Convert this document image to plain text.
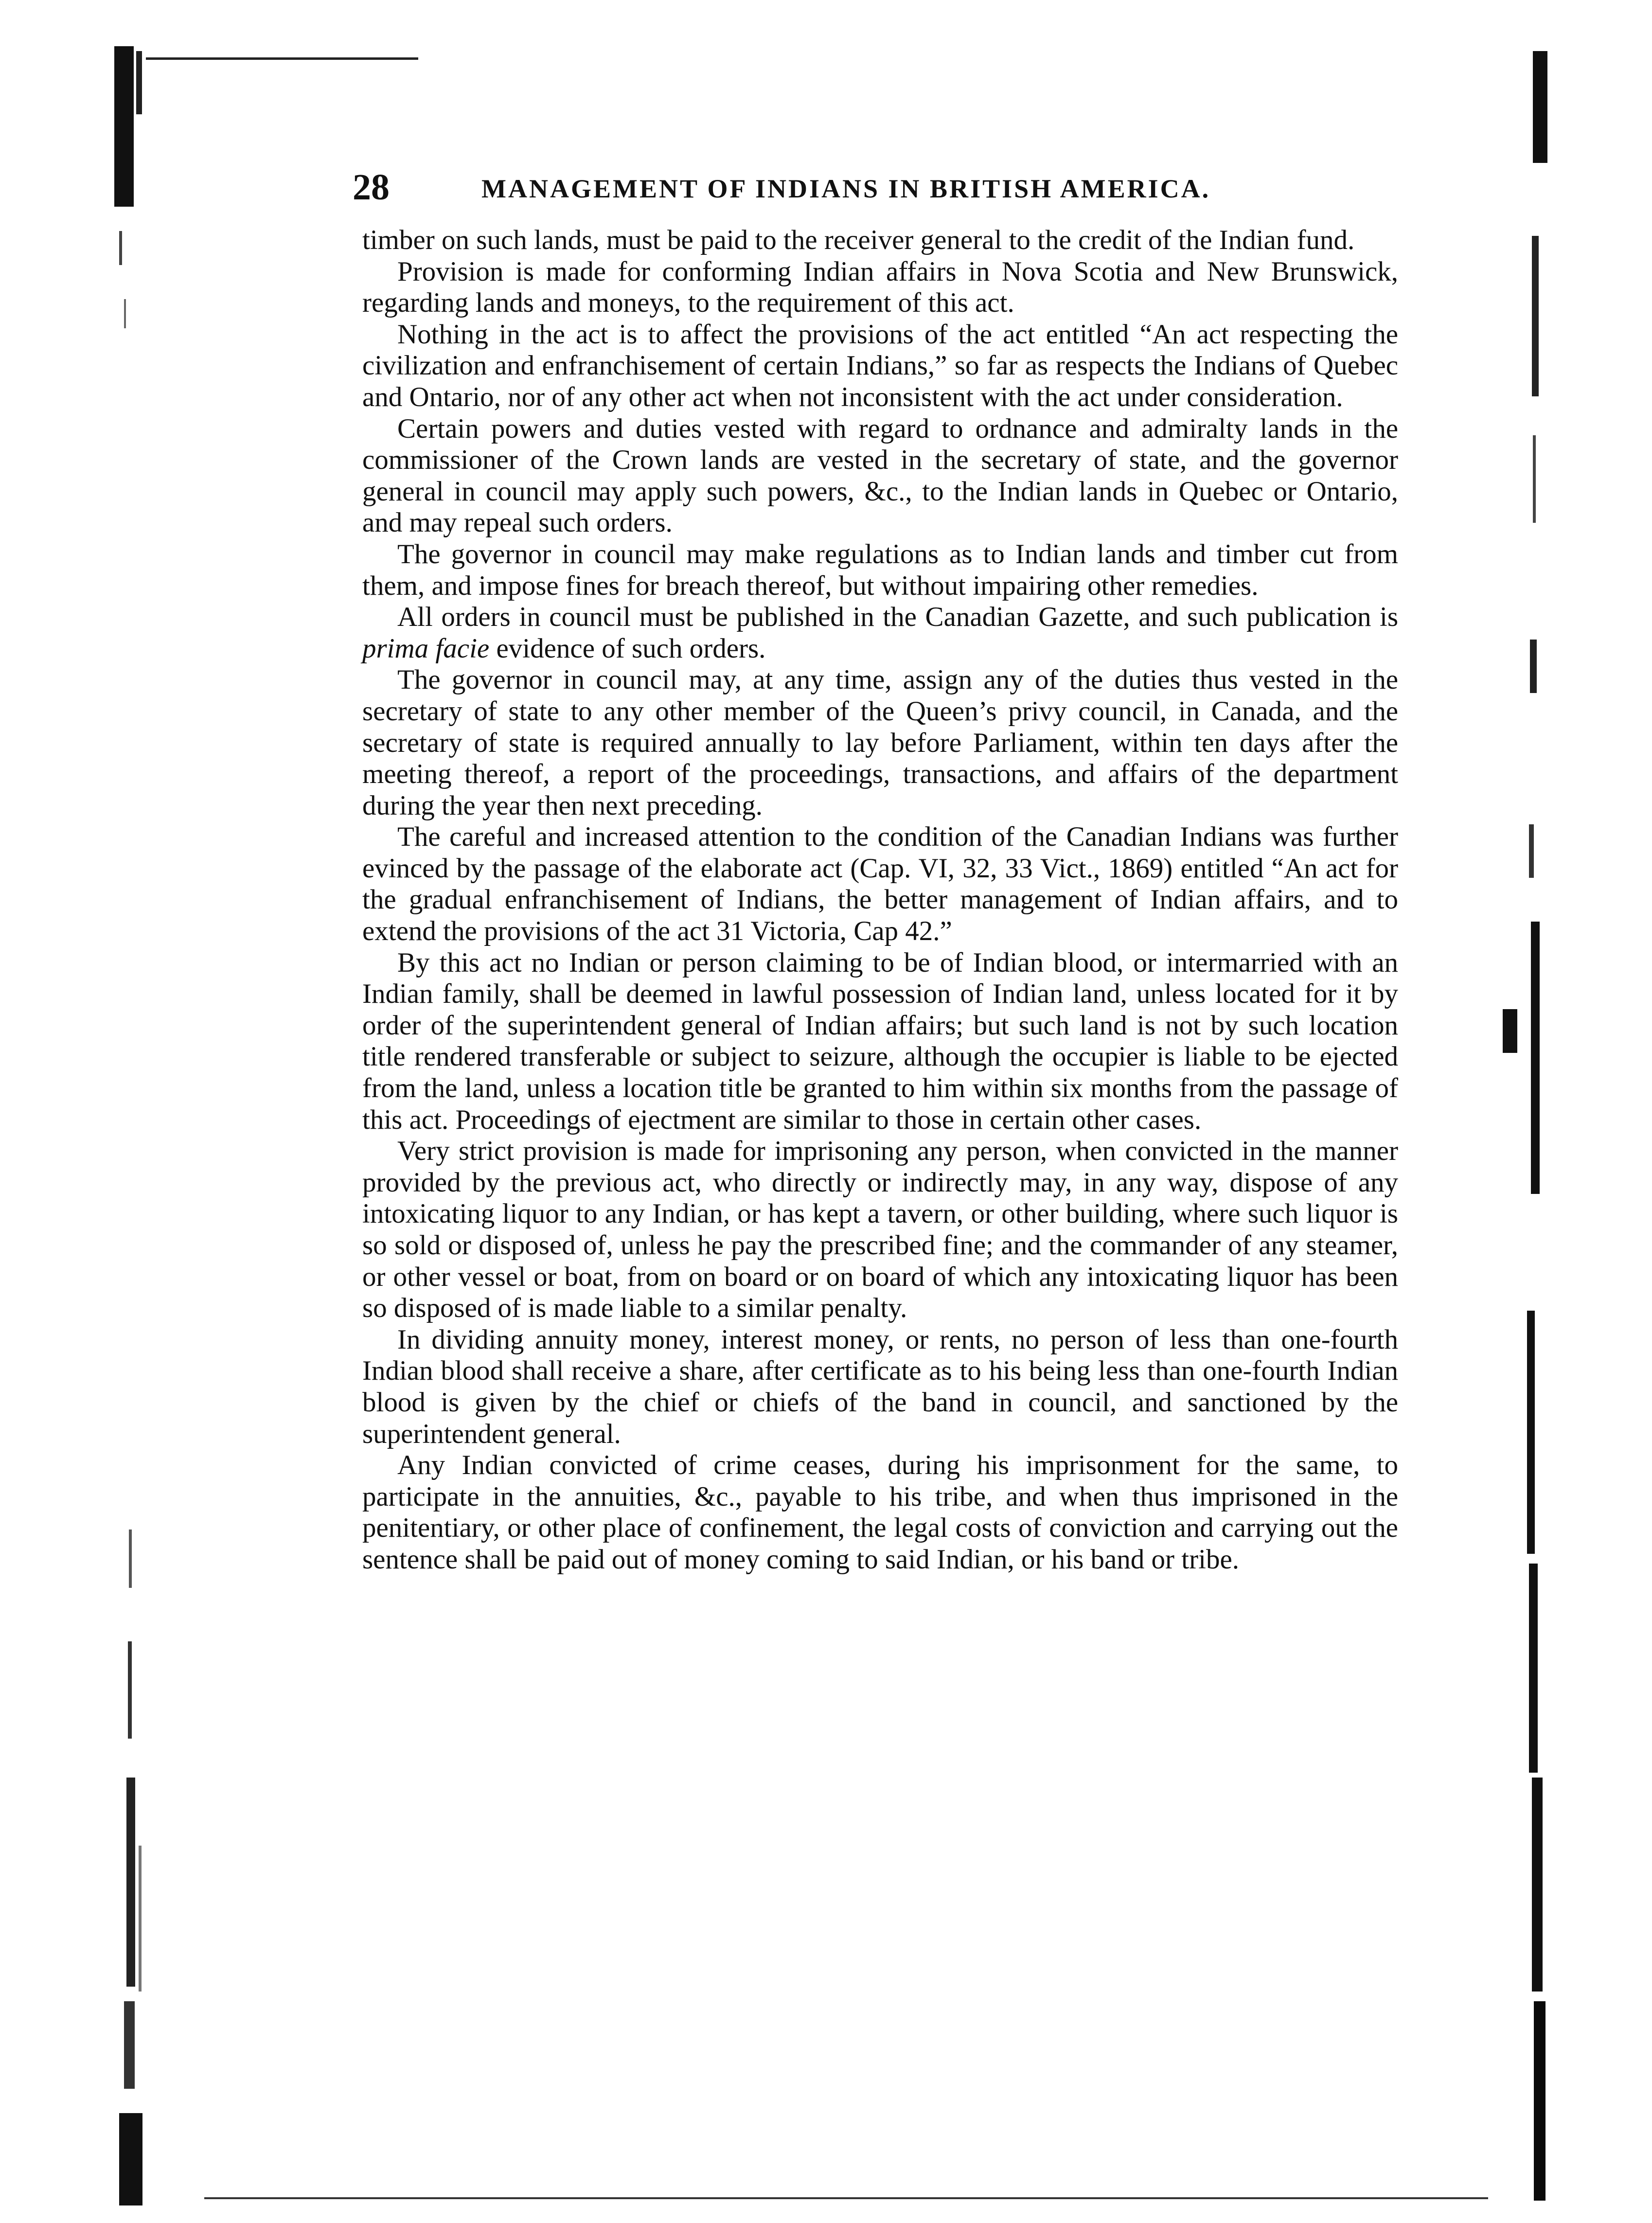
28	MANAGEMENT OF INDIANS IN BRITISH AMERICA.

timber on such lands, must be paid to the receiver general to the credit of the Indian fund.

Provision is made for conforming Indian affairs in Nova Scotia and New Brunswick, regarding lands and moneys, to the requirement of this act.

Nothing in the act is to affect the provisions of the act entitled “An act respecting the civilization and enfranchisement of certain Indians,” so far as respects the Indians of Quebec and Ontario, nor of any other act when not inconsistent with the act under consideration.

Certain powers and duties vested with regard to ordnance and admiralty lands in the commissioner of the Crown lands are vested in the secretary of state, and the governor general in council may apply such powers, &c., to the Indian lands in Quebec or Ontario, and may repeal such orders.

The governor in council may make regulations as to Indian lands and timber cut from them, and impose fines for breach thereof, but without impairing other remedies.

All orders in council must be published in the Canadian Gazette, and such publication is prima facie evidence of such orders.

The governor in council may, at any time, assign any of the duties thus vested in the secretary of state to any other member of the Queen’s privy council, in Canada, and the secretary of state is required annually to lay before Parliament, within ten days after the meeting thereof, a report of the proceedings, transactions, and affairs of the department during the year then next preceding.

The careful and increased attention to the condition of the Canadian Indians was further evinced by the passage of the elaborate act (Cap. VI, 32, 33 Vict., 1869) entitled “An act for the gradual enfranchisement of Indians, the better management of Indian affairs, and to extend the provisions of the act 31 Victoria, Cap 42.”

By this act no Indian or person claiming to be of Indian blood, or intermarried with an Indian family, shall be deemed in lawful possession of Indian land, unless located for it by order of the superintendent general of Indian affairs; but such land is not by such location title rendered transferable or subject to seizure, although the occupier is liable to be ejected from the land, unless a location title be granted to him within six months from the passage of this act. Proceedings of ejectment are similar to those in certain other cases.

Very strict provision is made for imprisoning any person, when convicted in the manner provided by the previous act, who directly or indirectly may, in any way, dispose of any intoxicating liquor to any Indian, or has kept a tavern, or other building, where such liquor is so sold or disposed of, unless he pay the prescribed fine; and the commander of any steamer, or other vessel or boat, from on board or on board of which any intoxicating liquor has been so disposed of is made liable to a similar penalty.

In dividing annuity money, interest money, or rents, no person of less than one-fourth Indian blood shall receive a share, after certificate as to his being less than one-fourth Indian blood is given by the chief or chiefs of the band in council, and sanctioned by the superintendent general.

Any Indian convicted of crime ceases, during his imprisonment for the same, to participate in the annuities, &c., payable to his tribe, and when thus imprisoned in the penitentiary, or other place of confinement, the legal costs of conviction and carrying out the sentence shall be paid out of money coming to said Indian, or his band or tribe.
